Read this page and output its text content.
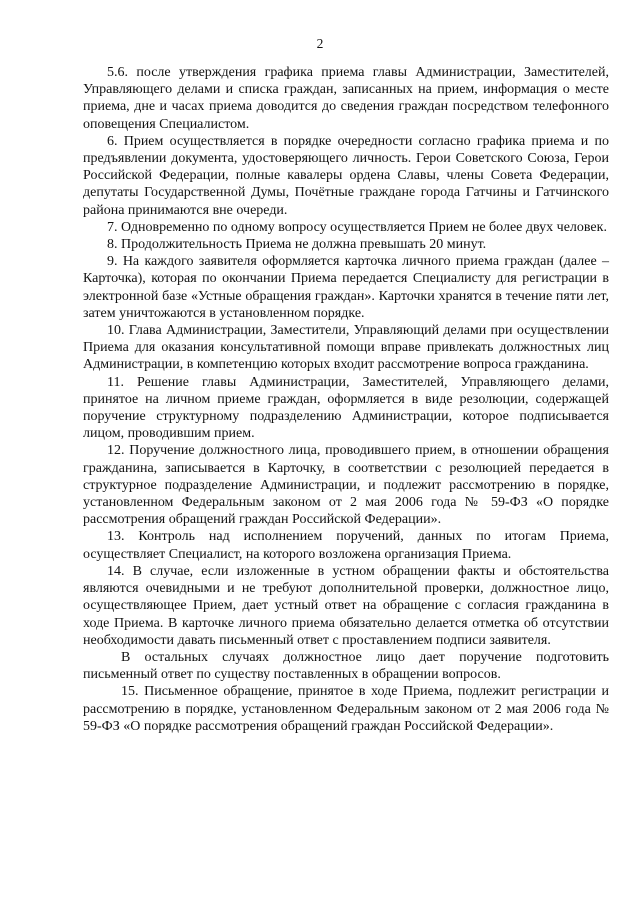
2

5.6. после утверждения графика приема главы Администрации, Заместителей, Управляющего делами и списка граждан, записанных на прием, информация о месте приема, дне и часах приема доводится до сведения граждан посредством телефонного оповещения Специалистом.

6. Прием осуществляется в порядке очередности согласно графика приема и по предъявлении документа, удостоверяющего личность. Герои Советского Союза, Герои Российской Федерации, полные кавалеры ордена Славы, члены Совета Федерации, депутаты Государственной Думы, Почётные граждане города Гатчины и Гатчинского района принимаются вне очереди.

7. Одновременно по одному вопросу осуществляется Прием не более двух человек.

8. Продолжительность Приема не должна превышать 20 минут.

9. На каждого заявителя оформляется карточка личного приема граждан (далее – Карточка), которая по окончании Приема передается Специалисту для регистрации в электронной базе «Устные обращения граждан». Карточки хранятся в течение пяти лет, затем уничтожаются в установленном порядке.

10. Глава Администрации, Заместители, Управляющий делами при осуществлении Приема для оказания консультативной помощи вправе привлекать должностных лиц Администрации, в компетенцию которых входит рассмотрение вопроса гражданина.

11. Решение главы Администрации, Заместителей, Управляющего делами, принятое на личном приеме граждан, оформляется в виде резолюции, содержащей поручение структурному подразделению Администрации, которое подписывается лицом, проводившим прием.

12. Поручение должностного лица, проводившего прием, в отношении обращения гражданина, записывается в Карточку, в соответствии с резолюцией передается в структурное подразделение Администрации, и подлежит рассмотрению в порядке, установленном Федеральным законом от 2 мая 2006 года № 59-ФЗ «О порядке рассмотрения обращений граждан Российской Федерации».

13. Контроль над исполнением поручений, данных по итогам Приема, осуществляет Специалист, на которого возложена организация Приема.

14. В случае, если изложенные в устном обращении факты и обстоятельства являются очевидными и не требуют дополнительной проверки, должностное лицо, осуществляющее Прием, дает устный ответ на обращение с согласия гражданина в ходе Приема. В карточке личного приема обязательно делается отметка об отсутствии необходимости давать письменный ответ с проставлением подписи заявителя.

В остальных случаях должностное лицо дает поручение подготовить письменный ответ по существу поставленных в обращении вопросов.

15. Письменное обращение, принятое в ходе Приема, подлежит регистрации и рассмотрению в порядке, установленном Федеральным законом от 2 мая 2006 года № 59-ФЗ «О порядке рассмотрения обращений граждан Российской Федерации».
